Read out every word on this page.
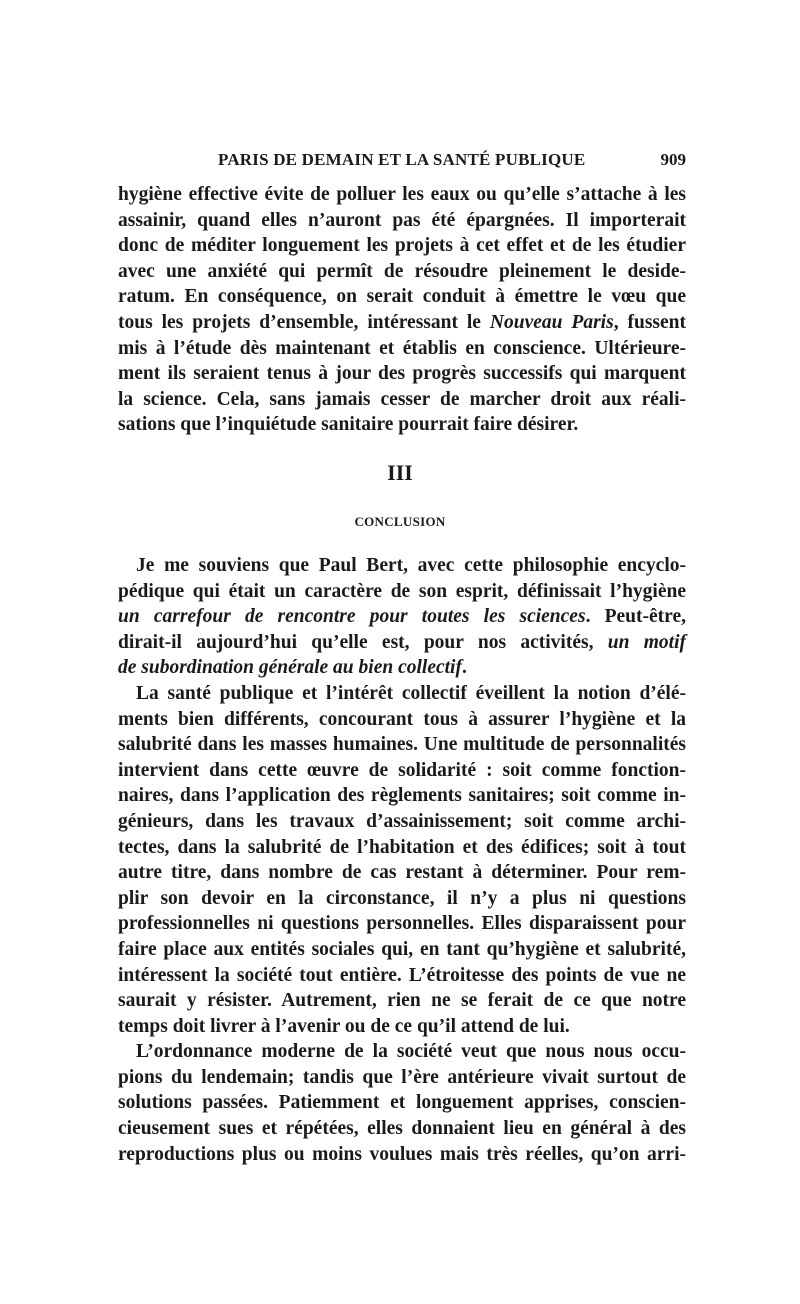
PARIS DE DEMAIN ET LA SANTÉ PUBLIQUE	909
hygiène effective évite de polluer les eaux ou qu’elle s’attache à les
assainir, quand elles n’auront pas été épargnées. Il importerait
donc de méditer longuement les projets à cet effet et de les étudier
avec une anxiété qui permît de résoudre pleinement le deside-
ratum. En conséquence, on serait conduit à émettre le vœu que
tous les projets d’ensemble, intéressant le Nouveau Paris, fussent
mis à l’étude dès maintenant et établis en conscience. Ultérieure-
ment ils seraient tenus à jour des progrès successifs qui marquent
la science. Cela, sans jamais cesser de marcher droit aux réali-
sations que l’inquiétude sanitaire pourrait faire désirer.
III
CONCLUSION
Je me souviens que Paul Bert, avec cette philosophie encyclo-
pédique qui était un caractère de son esprit, définissait l’hygiène
un carrefour de rencontre pour toutes les sciences. Peut-être,
dirait-il aujourd’hui qu’elle est, pour nos activités, un motif
de subordination générale au bien collectif.
La santé publique et l’intérêt collectif éveillent la notion d’élé-
ments bien différents, concourant tous à assurer l’hygiène et la
salubrité dans les masses humaines. Une multitude de personnalités
intervient dans cette œuvre de solidarité : soit comme fonction-
naires, dans l’application des règlements sanitaires; soit comme in-
génieurs, dans les travaux d’assainissement; soit comme archi-
tectes, dans la salubrité de l’habitation et des édifices; soit à tout
autre titre, dans nombre de cas restant à déterminer. Pour rem-
plir son devoir en la circonstance, il n’y a plus ni questions
professionnelles ni questions personnelles. Elles disparaissent pour
faire place aux entités sociales qui, en tant qu’hygiène et salubrité,
intéressent la société tout entière. L’étroitesse des points de vue ne
saurait y résister. Autrement, rien ne se ferait de ce que notre
temps doit livrer à l’avenir ou de ce qu’il attend de lui.
L’ordonnance moderne de la société veut que nous nous occu-
pions du lendemain; tandis que l’ère antérieure vivait surtout de
solutions passées. Patiemment et longuement apprises, conscien-
cieusement sues et répétées, elles donnaient lieu en général à des
reproductions plus ou moins voulues mais très réelles, qu’on arri-
